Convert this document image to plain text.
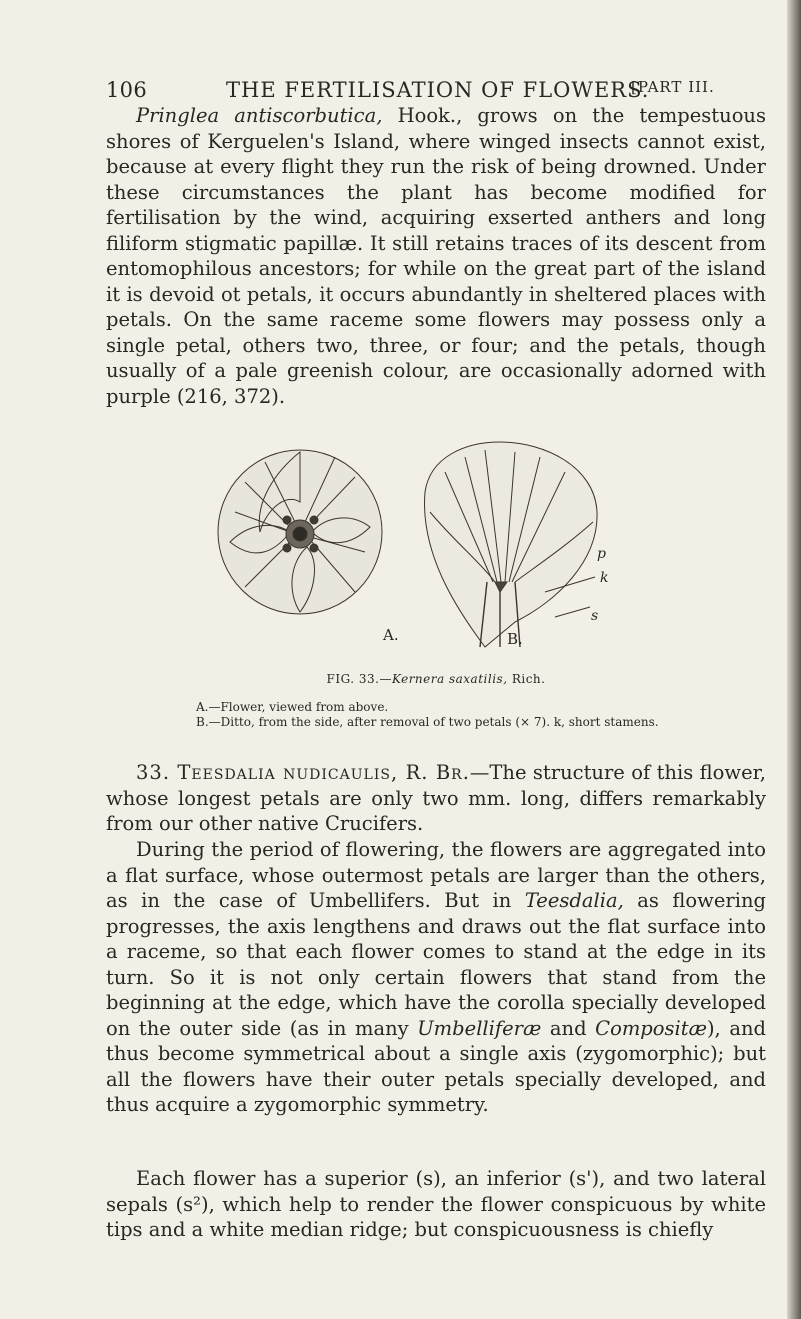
106	THE FERTILISATION OF FLOWERS.
[PART III.

Pringlea antiscorbutica, Hook., grows on the tempestuous shores of Kerguelen's Island, where winged insects cannot exist, because at every flight they run the risk of being drowned. Under these circumstances the plant has become modified for fertilisation by the wind, acquiring exserted anthers and long filiform stigmatic papillæ. It still retains traces of its descent from entomophilous ancestors; for while on the great part of the island it is devoid ot petals, it occurs abundantly in sheltered places with petals. On the same raceme some flowers may possess only a single petal, others two, three, or four; and the petals, though usually of a pale greenish colour, are occasionally adorned with purple (216, 372).

A.	B.
p
k
s
FIG. 33.—Kernera saxatilis, Rich.
A.—Flower, viewed from above.
B.—Ditto, from the side, after removal of two petals (× 7). k, short stamens.

33. Teesdalia nudicaulis, R. Br.—The structure of this flower, whose longest petals are only two mm. long, differs remarkably from our other native Crucifers.

During the period of flowering, the flowers are aggregated into a flat surface, whose outermost petals are larger than the others, as in the case of Umbellifers. But in Teesdalia, as flowering progresses, the axis lengthens and draws out the flat surface into a raceme, so that each flower comes to stand at the edge in its turn. So it is not only certain flowers that stand from the beginning at the edge, which have the corolla specially developed on the outer side (as in many Umbelliferæ and Compositæ), and thus become symmetrical about a single axis (zygomorphic); but all the flowers have their outer petals specially developed, and thus acquire a zygomorphic symmetry.

Each flower has a superior (s), an inferior (s'), and two lateral sepals (s²), which help to render the flower conspicuous by white tips and a white median ridge; but conspicuousness is chiefly
